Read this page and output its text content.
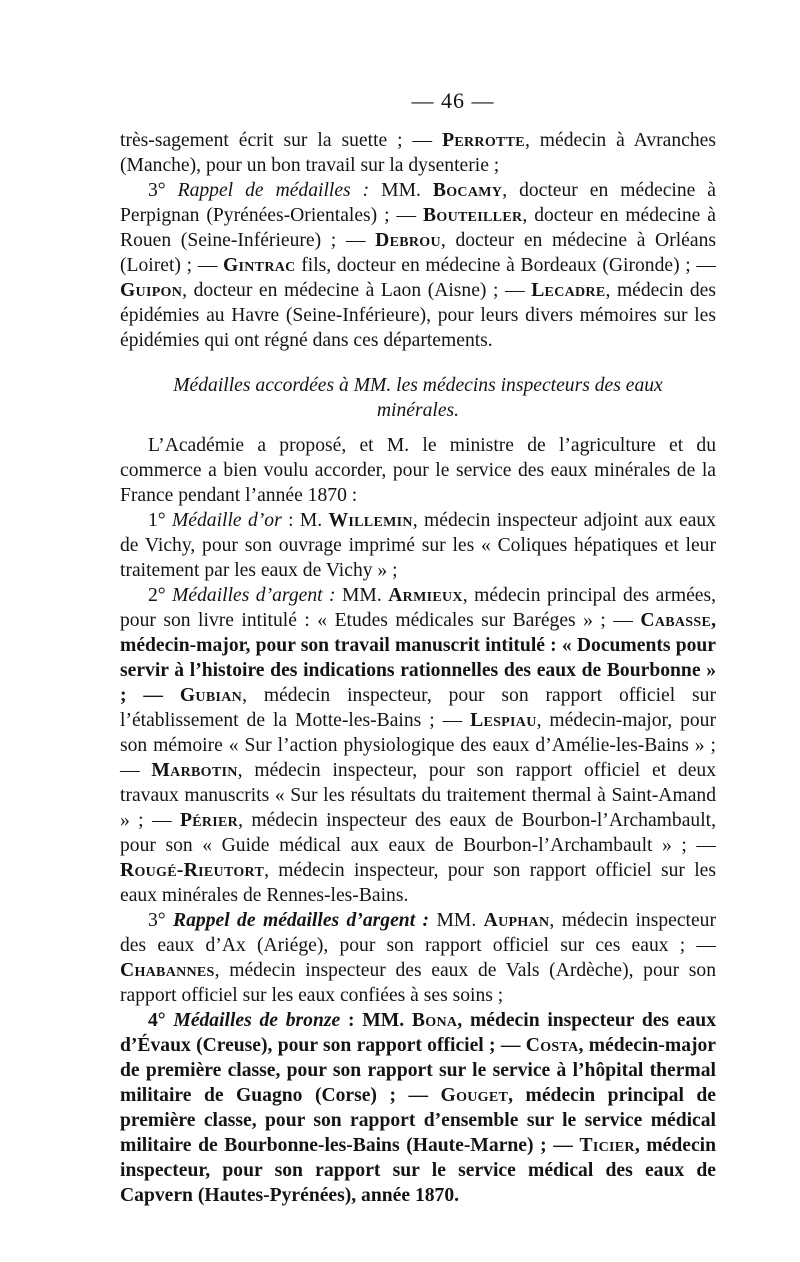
— 46 —

très-sagement écrit sur la suette ; — Perrotte, médecin à Avranches (Manche), pour un bon travail sur la dysenterie ;

3° Rappel de médailles : MM. Bocamy, docteur en médecine à Perpignan (Pyrénées-Orientales) ; — Bouteiller, docteur en médecine à Rouen (Seine-Inférieure) ; — Debrou, docteur en médecine à Orléans (Loiret) ; — Gintrac fils, docteur en médecine à Bordeaux (Gironde) ; — Guipon, docteur en médecine à Laon (Aisne) ; — Lecadre, médecin des épidémies au Havre (Seine-Inférieure), pour leurs divers mémoires sur les épidémies qui ont régné dans ces départements.

Médailles accordées à MM. les médecins inspecteurs des eaux minérales.

L’Académie a proposé, et M. le ministre de l’agriculture et du commerce a bien voulu accorder, pour le service des eaux minérales de la France pendant l’année 1870 :

1° Médaille d’or : M. Willemin, médecin inspecteur adjoint aux eaux de Vichy, pour son ouvrage imprimé sur les « Coliques hépatiques et leur traitement par les eaux de Vichy » ;

2° Médailles d’argent : MM. Armieux, médecin principal des armées, pour son livre intitulé : « Etudes médicales sur Baréges » ; — Cabasse, médecin-major, pour son travail manuscrit intitulé : « Documents pour servir à l’histoire des indications rationnelles des eaux de Bourbonne » ; — Gubian, médecin inspecteur, pour son rapport officiel sur l’établissement de la Motte-les-Bains ; — Lespiau, médecin-major, pour son mémoire « Sur l’action physiologique des eaux d’Amélie-les-Bains » ; — Marbotin, médecin inspecteur, pour son rapport officiel et deux travaux manuscrits « Sur les résultats du traitement thermal à Saint-Amand » ; — Périer, médecin inspecteur des eaux de Bourbon-l’Archambault, pour son « Guide médical aux eaux de Bourbon-l’Archambault » ; — Rougé-Rieutort, médecin inspecteur, pour son rapport officiel sur les eaux minérales de Rennes-les-Bains.

3° Rappel de médailles d’argent : MM. Auphan, médecin inspecteur des eaux d’Ax (Ariége), pour son rapport officiel sur ces eaux ; — Chabannes, médecin inspecteur des eaux de Vals (Ardèche), pour son rapport officiel sur les eaux confiées à ses soins ;

4° Médailles de bronze : MM. Bona, médecin inspecteur des eaux d’Évaux (Creuse), pour son rapport officiel ; — Costa, médecin-major de première classe, pour son rapport sur le service à l’hôpital thermal militaire de Guagno (Corse) ; — Gouget, médecin principal de première classe, pour son rapport d’ensemble sur le service médical militaire de Bourbonne-les-Bains (Haute-Marne) ; — Ticier, médecin inspecteur, pour son rapport sur le service médical des eaux de Capvern (Hautes-Pyrénées), année 1870.
